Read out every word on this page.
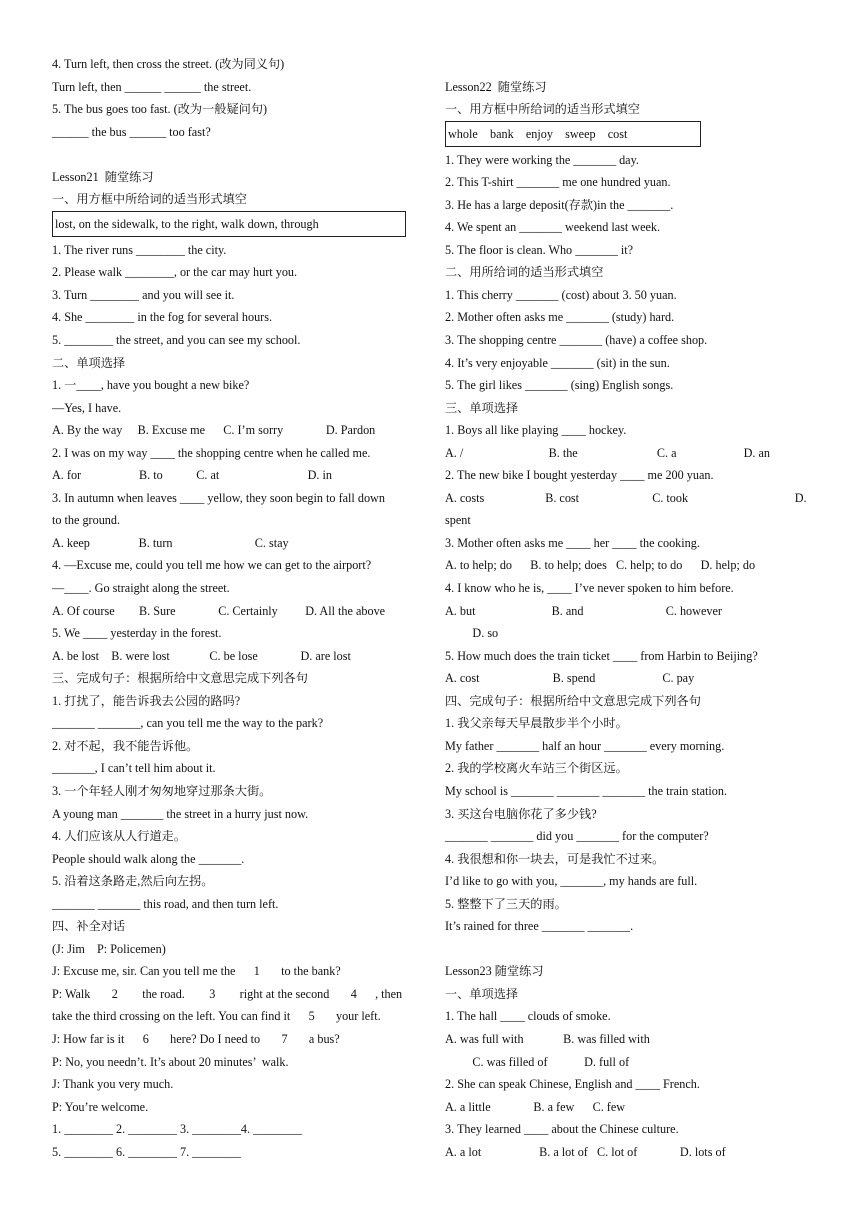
4. Turn left, then cross the street. (改为同义句)
Turn left, then ______ ______ the street.
5. The bus goes too fast. (改为一般疑问句)
______ the bus ______ too fast?
Lesson21  随堂练习
一、用方框中所给词的适当形式填空
lost, on the sidewalk, to the right, walk down, through
1. The river runs ________ the city.
2. Please walk ________, or the car may hurt you.
3. Turn ________ and you will see it.
4. She ________ in the fog for several hours.
5. ________ the street, and you can see my school.
二、单项选择
1. 一____, have you bought a new bike?
—Yes, I have.
A. By the way     B. Excuse me      C. I’m sorry              D. Pardon
2. I was on my way ____ the shopping centre when he called me.
A. for                   B. to           C. at                             D. in
3. In autumn when leaves ____ yellow, they soon begin to fall down
to the ground.
A. keep                B. turn                           C. stay
4. —Excuse me, could you tell me how we can get to the airport?
—____. Go straight along the street.
A. Of course        B. Sure              C. Certainly         D. All the above
5. We ____ yesterday in the forest.
A. be lost    B. were lost             C. be lose              D. are lost
三、完成句子：根据所给中文意思完成下列各句
1. 打扰了，能告诉我去公园的路吗?
_______ _______, can you tell me the way to the park?
2. 对不起，我不能告诉他。
_______, I can’t tell him about it.
3. 一个年轻人刚才匆匆地穿过那条大街。
A young man _______ the street in a hurry just now.
4. 人们应该从人行道走。
People should walk along the _______.
5. 沿着这条路走,然后向左拐。
_______ _______ this road, and then turn left.
四、补全对话
(J: Jim    P: Policemen)
J: Excuse me, sir. Can you tell me the      1       to the bank?
P: Walk       2        the road.        3        right at the second       4      , then
take the third crossing on the left. You can find it      5       your left.
J: How far is it      6       here? Do I need to       7       a bus?
P: No, you needn’t. It’s about 20 minutes’  walk.
J: Thank you very much.
P: You’re welcome.
1. ________ 2. ________ 3. ________4. ________
5. ________ 6. ________ 7. ________
Lesson22  随堂练习
一、用方框中所给词的适当形式填空
whole    bank    enjoy    sweep    cost
1. They were working the _______ day.
2. This T-shirt _______ me one hundred yuan.
3. He has a large deposit(存款)in the _______.
4. We spent an _______ weekend last week.
5. The floor is clean. Who _______ it?
二、用所给词的适当形式填空
1. This cherry _______ (cost) about 3. 50 yuan.
2. Mother often asks me _______ (study) hard.
3. The shopping centre _______ (have) a coffee shop.
4. It’s very enjoyable _______ (sit) in the sun.
5. The girl likes _______ (sing) English songs.
三、单项选择
1. Boys all like playing ____ hockey.
A. /                            B. the                          C. a                      D. an
2. The new bike I bought yesterday ____ me 200 yuan.
A. costs                    B. cost                        C. took                                   D.
spent
3. Mother often asks me ____ her ____ the cooking.
A. to help; do      B. to help; does   C. help; to do      D. help; do
4. I know who he is, ____ I’ve never spoken to him before.
A. but                         B. and                           C. however
D. so
5. How much does the train ticket ____ from Harbin to Beijing?
A. cost                        B. spend                      C. pay
四、完成句子：根据所给中文意思完成下列各句
1. 我父亲每天早晨散步半个小时。
My father _______ half an hour _______ every morning.
2. 我的学校离火车站三个街区远。
My school is _______ _______ _______ the train station.
3. 买这台电脑你花了多少钱?
_______ _______ did you _______ for the computer?
4. 我很想和你一块去，可是我忙不过来。
I’d like to go with you, _______, my hands are full.
5. 整整下了三天的雨。
It’s rained for three _______ _______.
Lesson23 随堂练习
一、单项选择
1. The hall ____ clouds of smoke.
A. was full with             B. was filled with
C. was filled of            D. full of
2. She can speak Chinese, English and ____ French.
A. a little              B. a few      C. few
3. They learned ____ about the Chinese culture.
A. a lot                   B. a lot of   C. lot of              D. lots of
